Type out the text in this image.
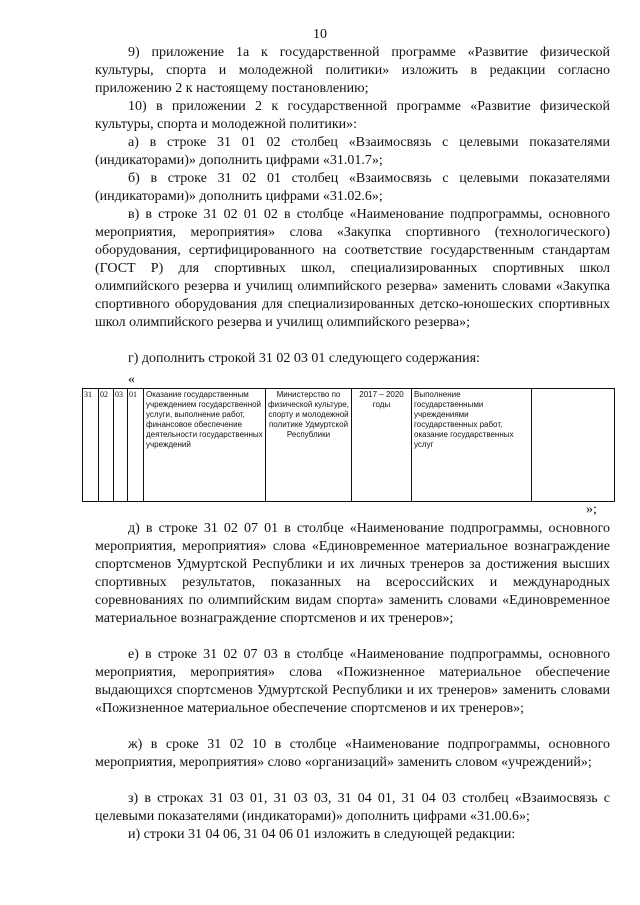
10

9) приложение 1а к государственной программе «Развитие физической культуры, спорта и молодежной политики» изложить в редакции согласно приложению 2 к настоящему постановлению;

10) в приложении 2 к государственной программе «Развитие физической культуры, спорта и молодежной политики»:

а) в строке 31 01 02 столбец «Взаимосвязь с целевыми показателями (индикаторами)» дополнить цифрами «31.01.7»;

б) в строке 31 02 01 столбец «Взаимосвязь с целевыми показателями (индикаторами)» дополнить цифрами «31.02.6»;

в) в строке 31 02 01 02 в столбце «Наименование подпрограммы, основного мероприятия, мероприятия» слова «Закупка спортивного (технологического) оборудования, сертифицированного на соответствие государственным стандартам (ГОСТ Р) для спортивных школ, специализированных спортивных школ олимпийского резерва и училищ олимпийского резерва» заменить словами «Закупка спортивного оборудования для специализированных детско-юношеских спортивных школ олимпийского резерва и училищ олимпийского резерва»;

г) дополнить строкой 31 02 03 01 следующего содержания:

«
31	02	03	01	Оказание государственным учреждением государственной услуги, выполнение работ, финансовое обеспечение деятельности государственных учреждений	Министерство по физической культуре, спорту и молодежной политике Удмуртской Республики	2017 – 2020 годы	Выполнение государственными учреждениями государственных работ, оказание государственных услуг	
»;

д) в строке 31 02 07 01 в столбце «Наименование подпрограммы, основного мероприятия, мероприятия» слова «Единовременное материальное вознаграждение спортсменов Удмуртской Республики и их личных тренеров за достижения высших спортивных результатов, показанных на всероссийских и международных соревнованиях по олимпийским видам спорта» заменить словами «Единовременное материальное вознаграждение спортсменов и их тренеров»;

е) в строке 31 02 07 03 в столбце «Наименование подпрограммы, основного мероприятия, мероприятия» слова «Пожизненное материальное обеспечение выдающихся спортсменов Удмуртской Республики и их тренеров» заменить словами «Пожизненное материальное обеспечение спортсменов и их тренеров»;

ж) в сроке 31 02 10 в столбце «Наименование подпрограммы, основного мероприятия, мероприятия» слово «организаций» заменить словом «учреждений»;

з) в строках 31 03 01, 31 03 03, 31 04 01, 31 04 03 столбец «Взаимосвязь с целевыми показателями (индикаторами)» дополнить цифрами «31.00.6»;

и) строки 31 04 06, 31 04 06 01 изложить в следующей редакции:
